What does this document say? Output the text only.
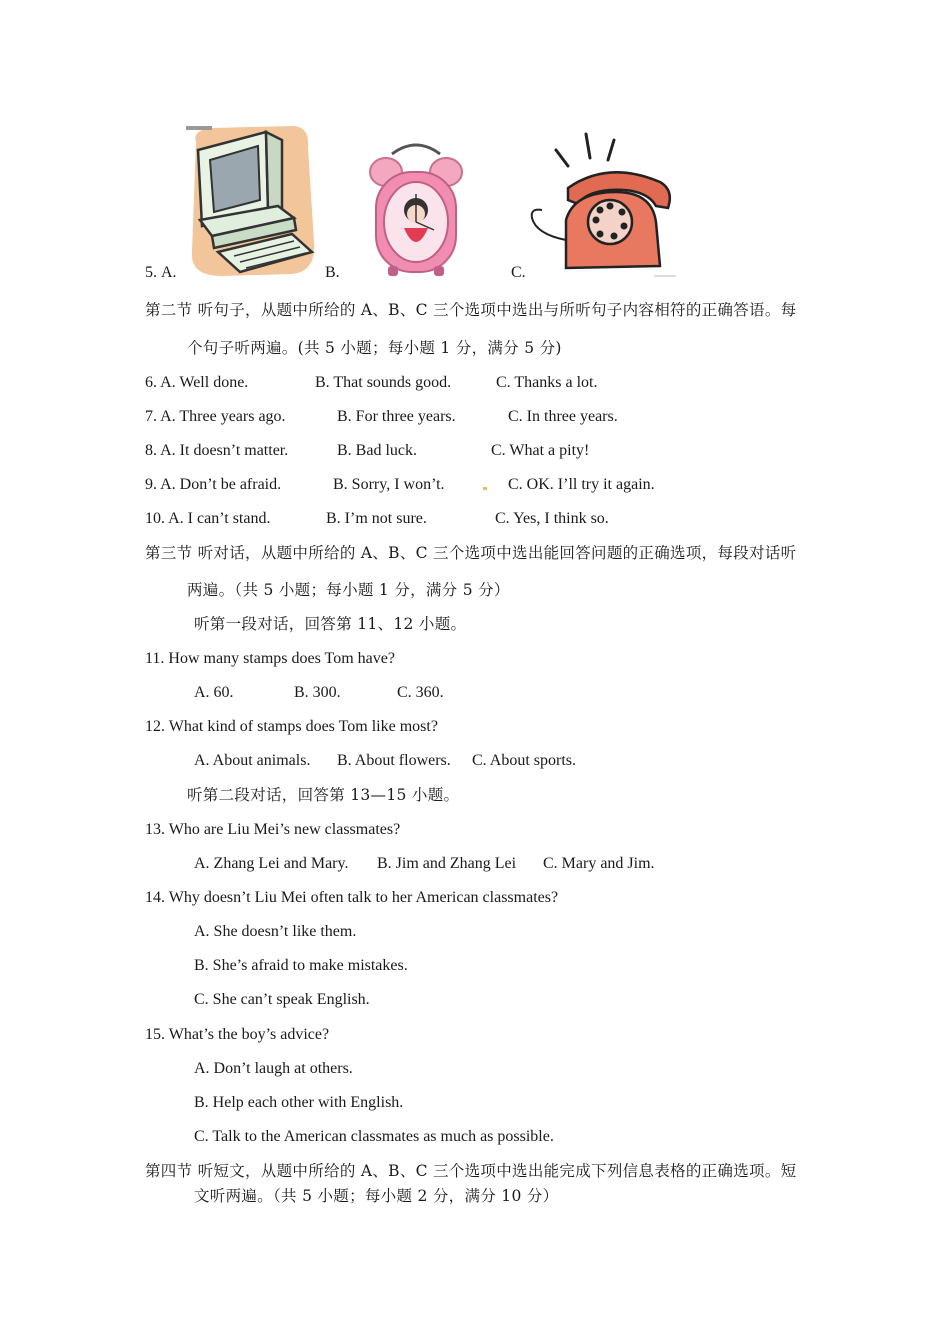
5. A.	B.	C.
第二节 听句子，从题中所给的 A、B、C 三个选项中选出与所听句子内容相符的正确答语。每
个句子听两遍。(共 5 小题；每小题 1 分，满分 5 分)
6. A. Well done.	B. That sounds good.	C. Thanks a lot.
7. A. Three years ago.	B. For three years.	C. In three years.
8. A. It doesn’t matter.	B. Bad luck.	C. What a pity!
9. A. Don’t be afraid.	B. Sorry, I won’t.	C. OK. I’ll try it again.
10. A. I can’t stand.	B. I’m not sure.	C. Yes, I think so.
第三节 听对话，从题中所给的 A、B、C 三个选项中选出能回答问题的正确选项，每段对话听
两遍。（共 5 小题；每小题 1 分，满分 5 分）
听第一段对话，回答第 11、12 小题。
11. How many stamps does Tom have?
A. 60.	B. 300.	C. 360.
12. What kind of stamps does Tom like most?
A. About animals. B. About flowers. C. About sports.
听第二段对话，回答第 13—15 小题。
13. Who are Liu Mei’s new classmates?
A. Zhang Lei and Mary. B. Jim and Zhang Lei C. Mary and Jim.
14. Why doesn’t Liu Mei often talk to her American classmates?
A. She doesn’t like them.
B. She’s afraid to make mistakes.
C. She can’t speak English.
15. What’s the boy’s advice?
A. Don’t laugh at others.
B. Help each other with English.
C. Talk to the American classmates as much as possible.
第四节 听短文，从题中所给的 A、B、C 三个选项中选出能完成下列信息表格的正确选项。短
文听两遍。（共 5 小题；每小题 2 分，满分 10 分）
